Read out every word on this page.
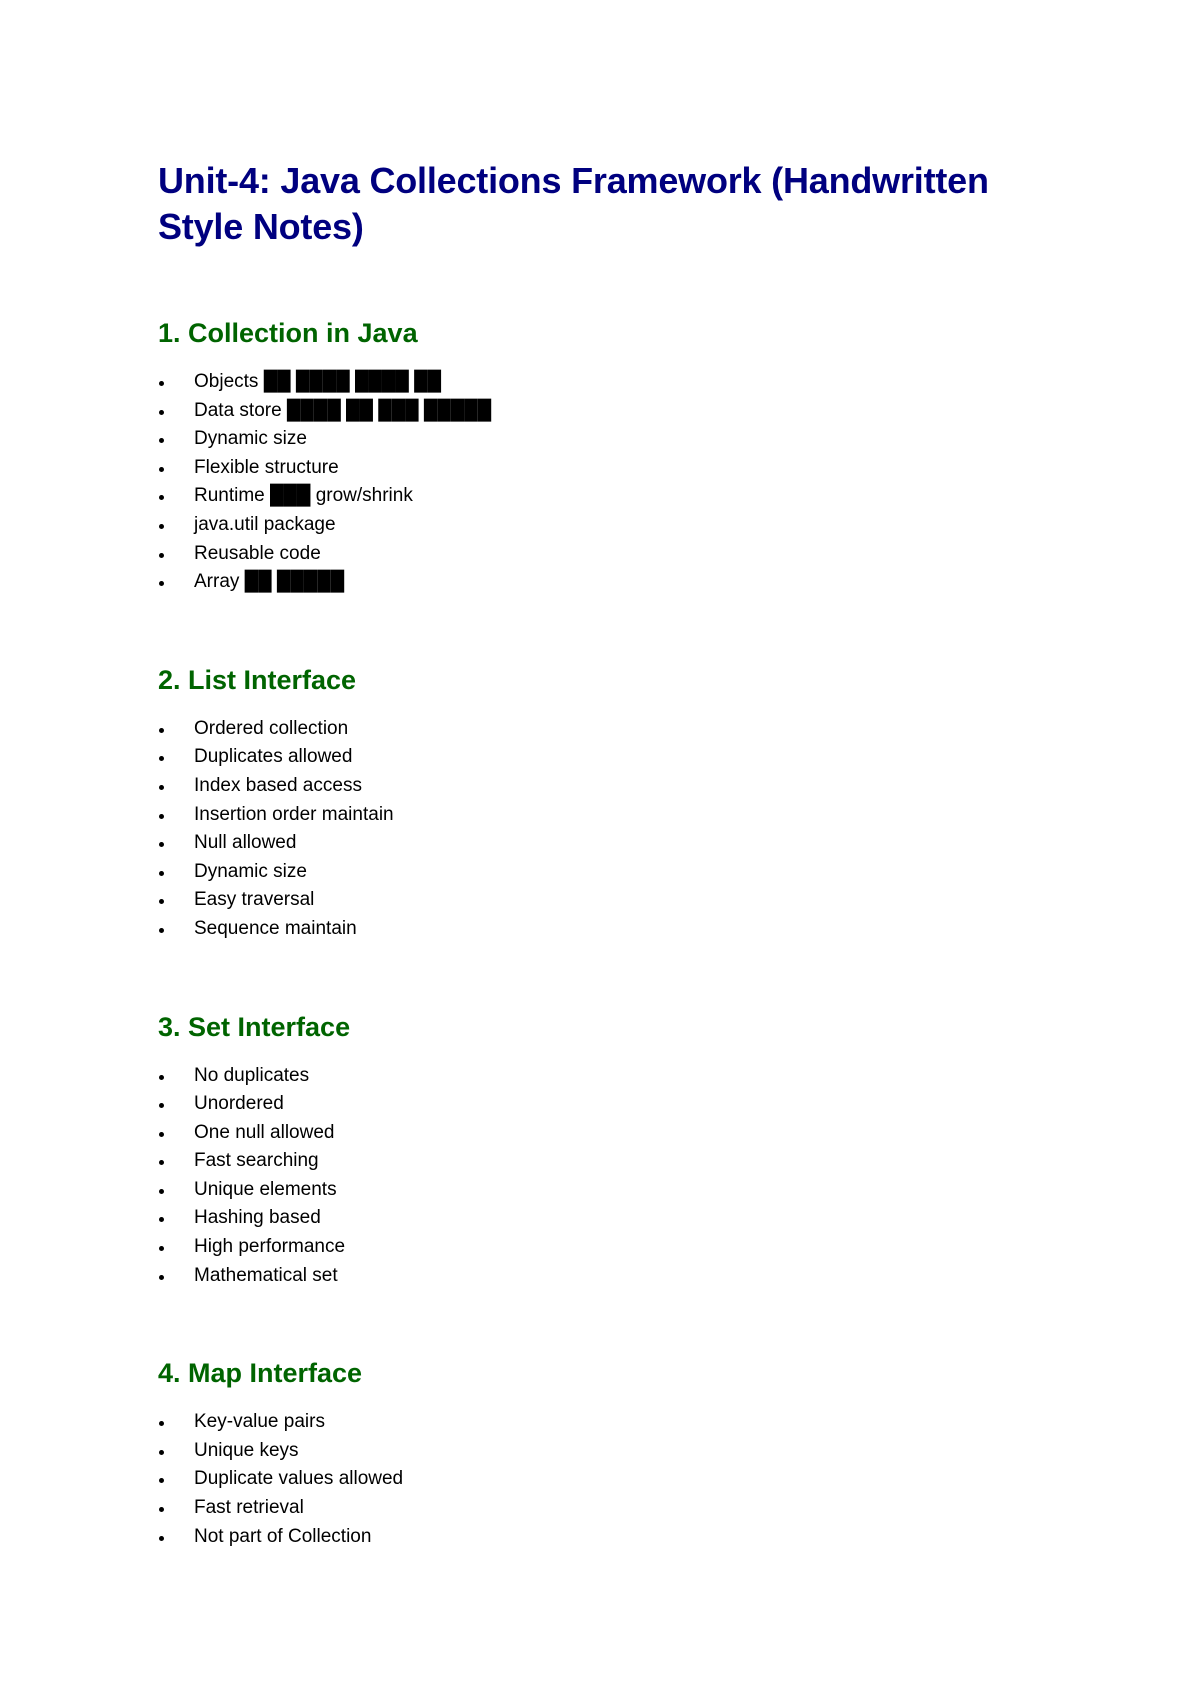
Unit-4: Java Collections Framework (Handwritten Style Notes)
1. Collection in Java
Objects ██ ████ ████ ██
Data store ████ ██ ███ █████
Dynamic size
Flexible structure
Runtime ███ grow/shrink
java.util package
Reusable code
Array ██ █████
2. List Interface
Ordered collection
Duplicates allowed
Index based access
Insertion order maintain
Null allowed
Dynamic size
Easy traversal
Sequence maintain
3. Set Interface
No duplicates
Unordered
One null allowed
Fast searching
Unique elements
Hashing based
High performance
Mathematical set
4. Map Interface
Key-value pairs
Unique keys
Duplicate values allowed
Fast retrieval
Not part of Collection
